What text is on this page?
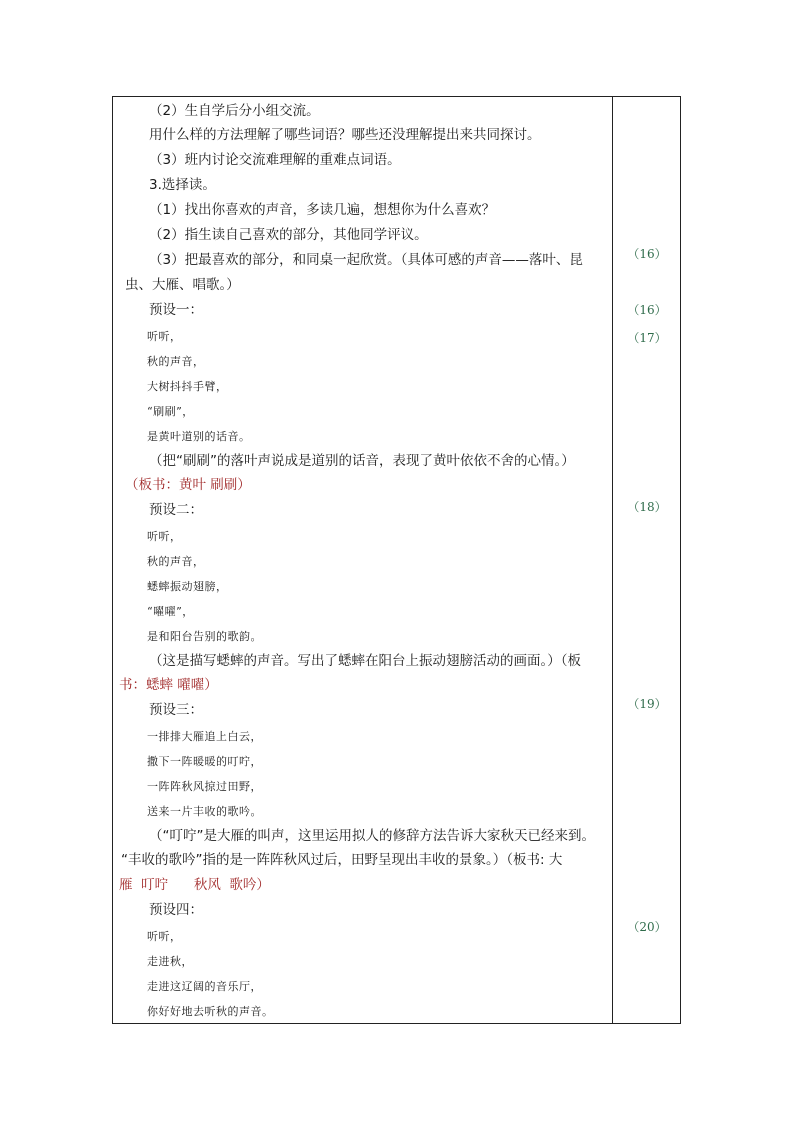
（2）生自学后分小组交流。
用什么样的方法理解了哪些词语？哪些还没理解提出来共同探讨。
（3）班内讨论交流难理解的重难点词语。
3.选择读。
（1）找出你喜欢的声音，多读几遍，想想你为什么喜欢？
（2）指生读自己喜欢的部分，其他同学评议。
（3）把最喜欢的部分，和同桌一起欣赏。（具体可感的声音——落叶、昆
虫、大雁、唱歌。）
预设一：
听听，
秋的声音，
大树抖抖手臂，
“刷刷”，
是黄叶道别的话音。
（把“刷刷”的落叶声说成是道别的话音，表现了黄叶依依不舍的心情。）
（板书：黄叶 刷刷）
预设二：
听听，
秋的声音，
蟋蟀振动翅膀，
“嚁嚁”，
是和阳台告别的歌韵。
（这是描写蟋蟀的声音。写出了蟋蟀在阳台上振动翅膀活动的画面。）（板
书：蟋蟀 嚁嚁）
预设三：
一排排大雁追上白云，
撒下一阵暖暖的叮咛，
一阵阵秋风掠过田野，
送来一片丰收的歌吟。
（“叮咛”是大雁的叫声，这里运用拟人的修辞方法告诉大家秋天已经来到。
“丰收的歌吟”指的是一阵阵秋风过后，田野呈现出丰收的景象。）（板书: 大
雁  叮咛      秋风  歌吟）
预设四：
听听，
走进秋，
走进这辽阔的音乐厅，
你好好地去听秋的声音。
（16）
（16）
（17）
（18）
（19）
（20）
